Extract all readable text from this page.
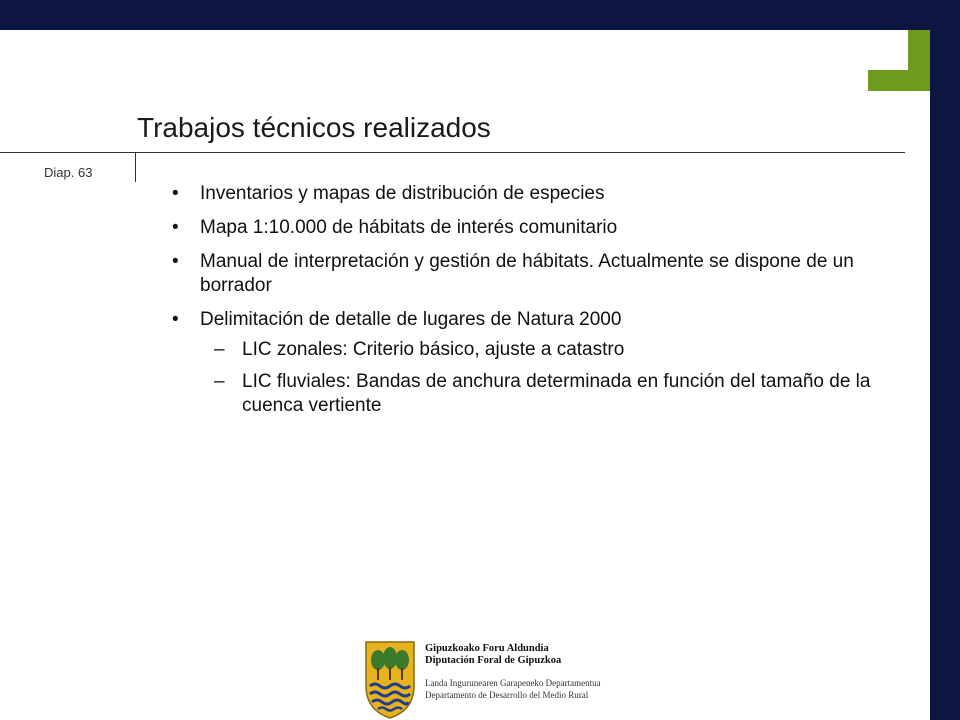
Trabajos técnicos realizados
Diap. 63
• Inventarios y mapas de distribución de especies
• Mapa 1:10.000 de hábitats de interés comunitario
• Manual de interpretación y gestión de hábitats. Actualmente se dispone de un borrador
• Delimitación de detalle de lugares de Natura 2000
– LIC zonales: Criterio básico, ajuste a catastro
– LIC fluviales: Bandas de anchura determinada en función del tamaño de la cuenca vertiente
Gipuzkoako Foru Aldundia
Diputación Foral de Gipuzkoa
Landa Ingurunearen Garapeneko Departamentua
Departamento de Desarrollo del Medio Rural
